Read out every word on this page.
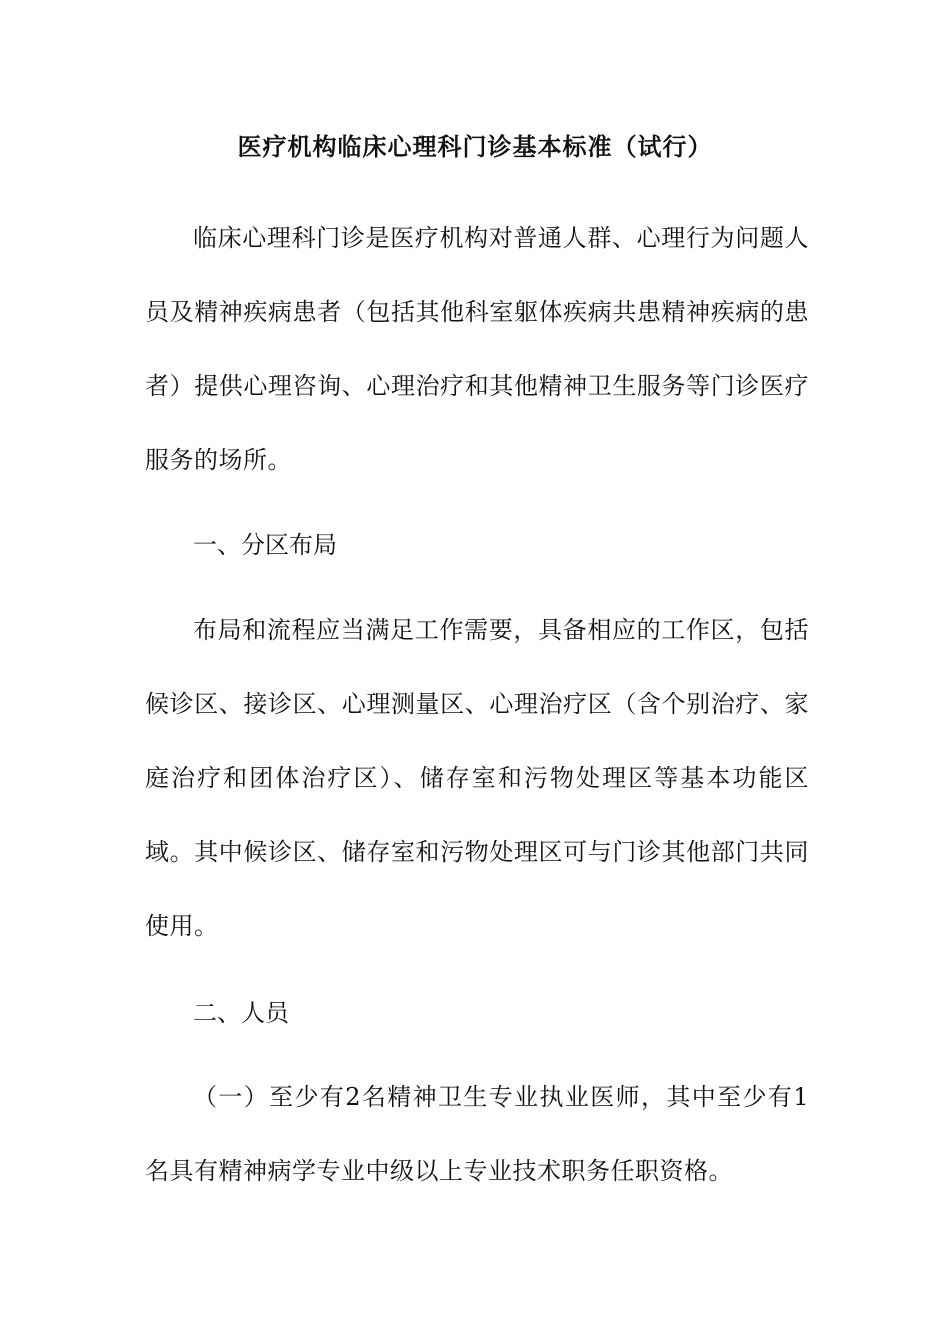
医疗机构临床心理科门诊基本标准（试行）

临床心理科门诊是医疗机构对普通人群、心理行为问题人员及精神疾病患者（包括其他科室躯体疾病共患精神疾病的患者）提供心理咨询、心理治疗和其他精神卫生服务等门诊医疗服务的场所。

一、分区布局

布局和流程应当满足工作需要，具备相应的工作区，包括候诊区、接诊区、心理测量区、心理治疗区（含个别治疗、家庭治疗和团体治疗区）、储存室和污物处理区等基本功能区域。其中候诊区、储存室和污物处理区可与门诊其他部门共同使用。

二、人员

（一）至少有2名精神卫生专业执业医师，其中至少有1名具有精神病学专业中级以上专业技术职务任职资格。
